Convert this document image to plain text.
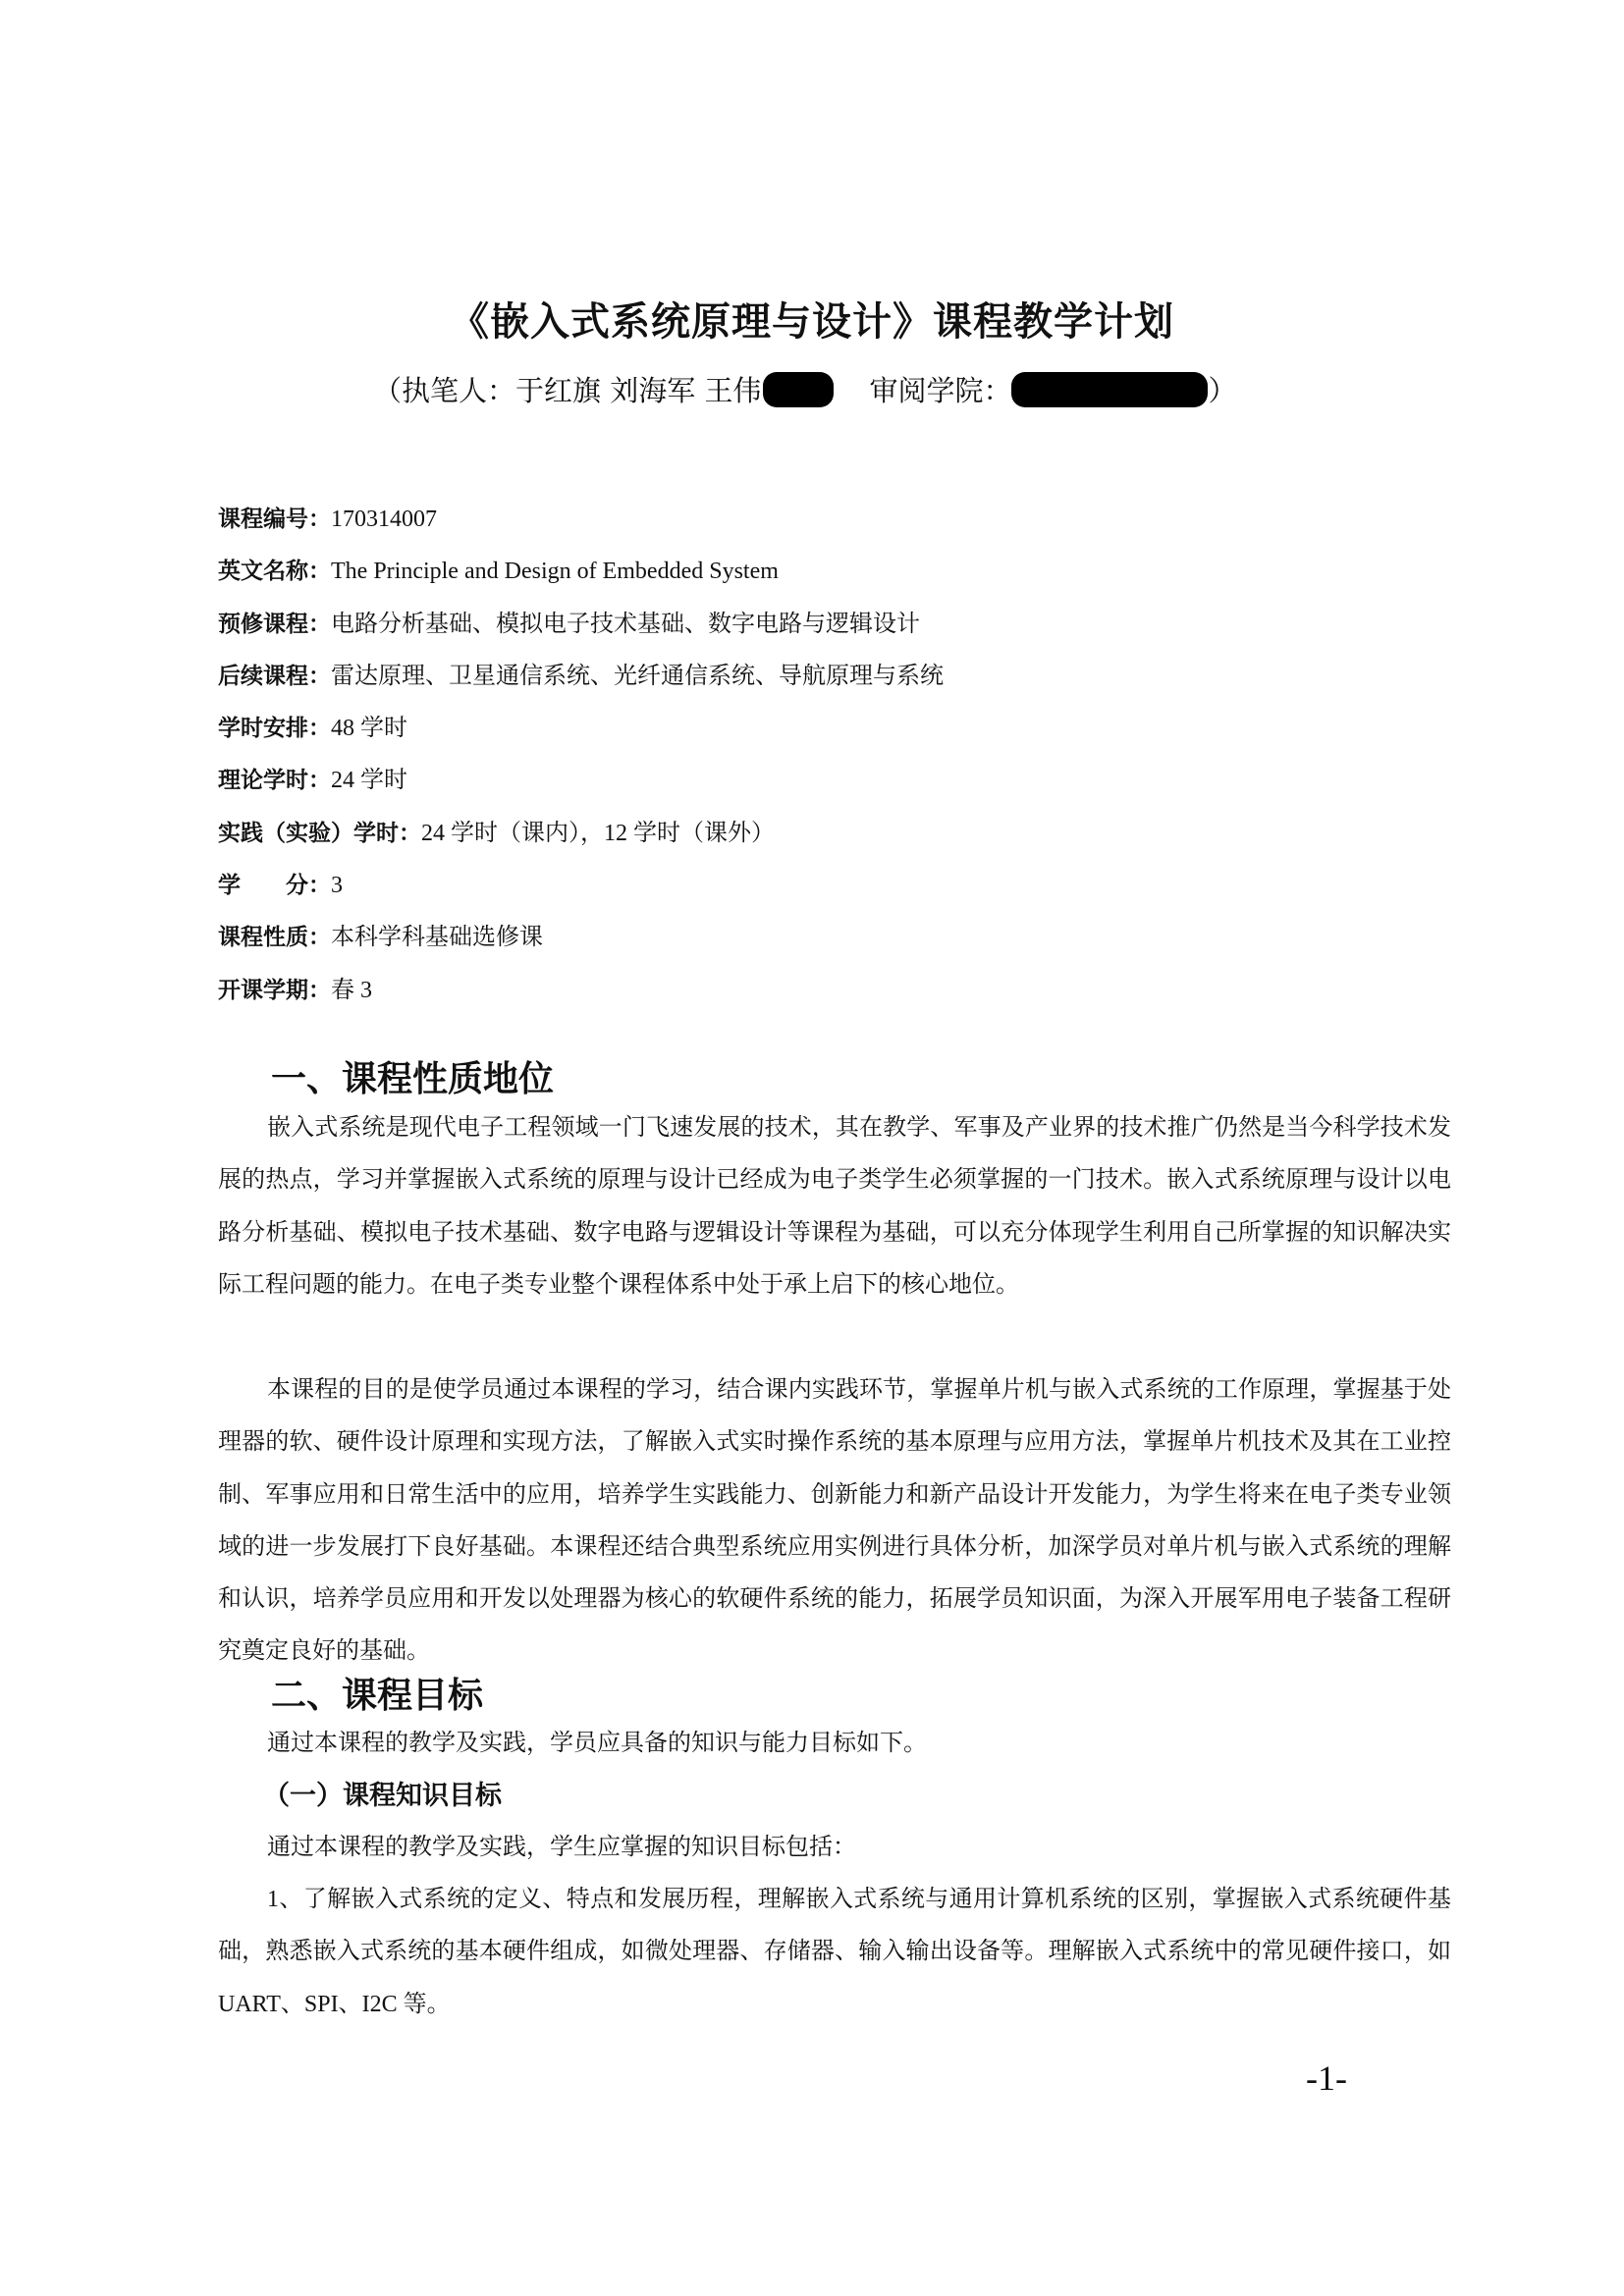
《嵌入式系统原理与设计》课程教学计划
（执笔人：于红旗 刘海军 王伟	审阅学院：	）
课程编号：170314007
英文名称：The Principle and Design of Embedded System
预修课程：电路分析基础、模拟电子技术基础、数字电路与逻辑设计
后续课程：雷达原理、卫星通信系统、光纤通信系统、导航原理与系统
学时安排：48 学时
理论学时：24 学时
实践（实验）学时：24 学时（课内），12 学时（课外）
学　　分：3
课程性质：本科学科基础选修课
开课学期：春 3
一、课程性质地位

嵌入式系统是现代电子工程领域一门飞速发展的技术，其在教学、军事及产业界的技术推广仍然是当今科学技术发展的热点，学习并掌握嵌入式系统的原理与设计已经成为电子类学生必须掌握的一门技术。嵌入式系统原理与设计以电路分析基础、模拟电子技术基础、数字电路与逻辑设计等课程为基础，可以充分体现学生利用自己所掌握的知识解决实际工程问题的能力。在电子类专业整个课程体系中处于承上启下的核心地位。

本课程的目的是使学员通过本课程的学习，结合课内实践环节，掌握单片机与嵌入式系统的工作原理，掌握基于处理器的软、硬件设计原理和实现方法，了解嵌入式实时操作系统的基本原理与应用方法，掌握单片机技术及其在工业控制、军事应用和日常生活中的应用，培养学生实践能力、创新能力和新产品设计开发能力，为学生将来在电子类专业领域的进一步发展打下良好基础。本课程还结合典型系统应用实例进行具体分析，加深学员对单片机与嵌入式系统的理解和认识，培养学员应用和开发以处理器为核心的软硬件系统的能力，拓展学员知识面，为深入开展军用电子装备工程研究奠定良好的基础。

二、课程目标

通过本课程的教学及实践，学员应具备的知识与能力目标如下。

（一）课程知识目标

通过本课程的教学及实践，学生应掌握的知识目标包括：

1、了解嵌入式系统的定义、特点和发展历程，理解嵌入式系统与通用计算机系统的区别，掌握嵌入式系统硬件基础，熟悉嵌入式系统的基本硬件组成，如微处理器、存储器、输入输出设备等。理解嵌入式系统中的常见硬件接口，如 UART、SPI、I2C 等。

-1-
